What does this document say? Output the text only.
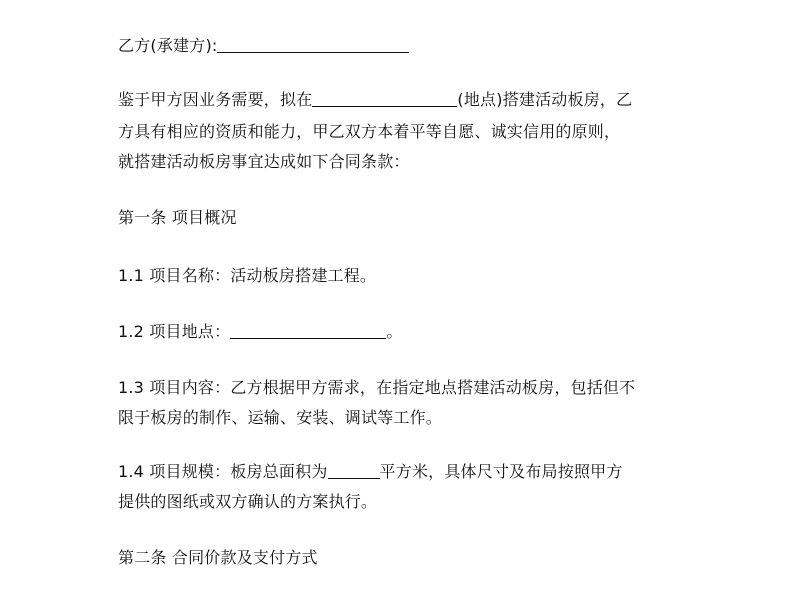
乙方(承建方):
鉴于甲方因业务需要，拟在	(地点)搭建活动板房，乙
方具有相应的资质和能力，甲乙双方本着平等自愿、诚实信用的原则，
就搭建活动板房事宜达成如下合同条款：
第一条 项目概况
1.1 项目名称：活动板房搭建工程。
1.2 项目地点：	。
1.3 项目内容：乙方根据甲方需求，在指定地点搭建活动板房，包括但不
限于板房的制作、运输、安装、调试等工作。
1.4 项目规模：板房总面积为	平方米，具体尺寸及布局按照甲方
提供的图纸或双方确认的方案执行。
第二条 合同价款及支付方式
